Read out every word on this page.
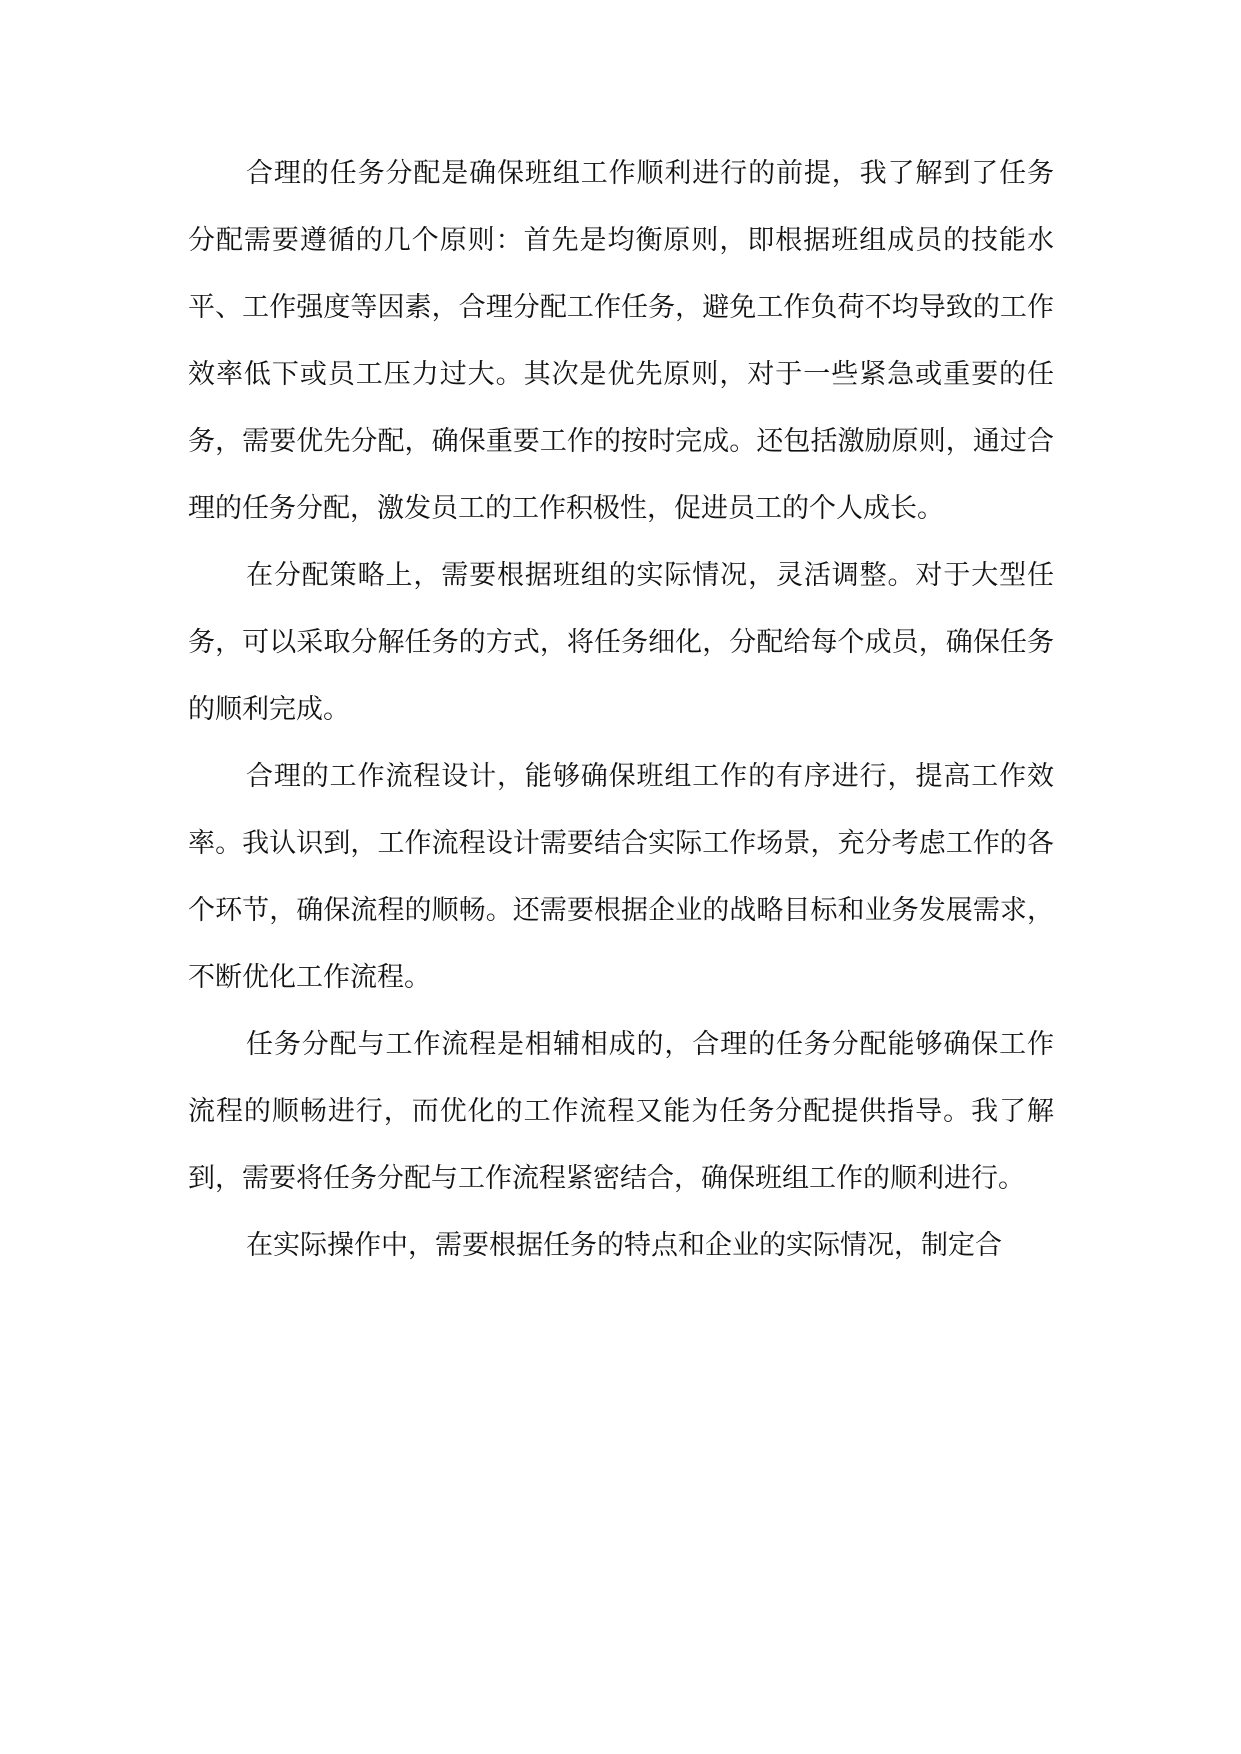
合理的任务分配是确保班组工作顺利进行的前提，我了解到了任务分配需要遵循的几个原则：首先是均衡原则，即根据班组成员的技能水平、工作强度等因素，合理分配工作任务，避免工作负荷不均导致的工作效率低下或员工压力过大。其次是优先原则，对于一些紧急或重要的任务，需要优先分配，确保重要工作的按时完成。还包括激励原则，通过合理的任务分配，激发员工的工作积极性，促进员工的个人成长。

在分配策略上，需要根据班组的实际情况，灵活调整。对于大型任务，可以采取分解任务的方式，将任务细化，分配给每个成员，确保任务的顺利完成。

合理的工作流程设计，能够确保班组工作的有序进行，提高工作效率。我认识到，工作流程设计需要结合实际工作场景，充分考虑工作的各个环节，确保流程的顺畅。还需要根据企业的战略目标和业务发展需求，不断优化工作流程。

任务分配与工作流程是相辅相成的，合理的任务分配能够确保工作流程的顺畅进行，而优化的工作流程又能为任务分配提供指导。我了解到，需要将任务分配与工作流程紧密结合，确保班组工作的顺利进行。

在实际操作中，需要根据任务的特点和企业的实际情况，制定合
